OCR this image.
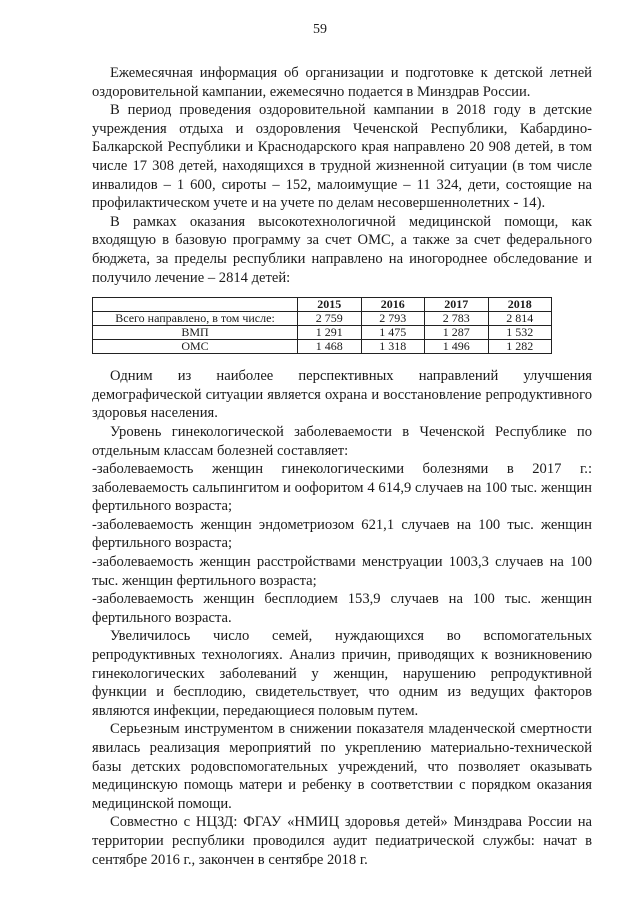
59

Ежемесячная информация об организации и подготовке к детской летней оздоровительной кампании, ежемесячно подается в Минздрав России.

В период проведения оздоровительной кампании в 2018 году в детские учреждения отдыха и оздоровления Чеченской Республики, Кабардино-Балкарской Республики и Краснодарского края направлено 20 908 детей, в том числе 17 308 детей, находящихся в трудной жизненной ситуации (в том числе инвалидов – 1 600, сироты – 152, малоимущие – 11 324, дети, состоящие на профилактическом учете и на учете по делам несовершеннолетних - 14).

В рамках оказания высокотехнологичной медицинской помощи, как входящую в базовую программу за счет ОМС, а также за счет федерального бюджета, за пределы республики направлено на иногороднее обследование и получило лечение – 2814 детей:

	2015	2016	2017	2018
Всего направлено, в том числе:	2 759	2 793	2 783	2 814
ВМП	1 291	1 475	1 287	1 532
ОМС	1 468	1 318	1 496	1 282

Одним из наиболее перспективных направлений улучшения демографической ситуации является охрана и восстановление репродуктивного здоровья населения.

Уровень гинекологической заболеваемости в Чеченской Республике по отдельным классам болезней составляет:

-заболеваемость женщин гинекологическими болезнями в 2017 г.: заболеваемость сальпингитом и оофоритом 4 614,9 случаев на 100 тыс. женщин фертильного возраста;

-заболеваемость женщин эндометриозом 621,1 случаев на 100 тыс. женщин фертильного возраста;

-заболеваемость женщин расстройствами менструации 1003,3 случаев на 100 тыс. женщин фертильного возраста;

-заболеваемость женщин бесплодием 153,9 случаев на 100 тыс. женщин фертильного возраста.

Увеличилось число семей, нуждающихся во вспомогательных репродуктивных технологиях. Анализ причин, приводящих к возникновению гинекологических заболеваний у женщин, нарушению репродуктивной функции и бесплодию, свидетельствует, что одним из ведущих факторов являются инфекции, передающиеся половым путем.

Серьезным инструментом в снижении показателя младенческой смертности явилась реализация мероприятий по укреплению материально-технической базы детских родовспомогательных учреждений, что позволяет оказывать медицинскую помощь матери и ребенку в соответствии с порядком оказания медицинской помощи.

Совместно с НЦЗД: ФГАУ «НМИЦ здоровья детей» Минздрава России на территории республики проводился аудит педиатрической службы: начат в сентябре 2016 г., закончен в сентябре 2018 г.
